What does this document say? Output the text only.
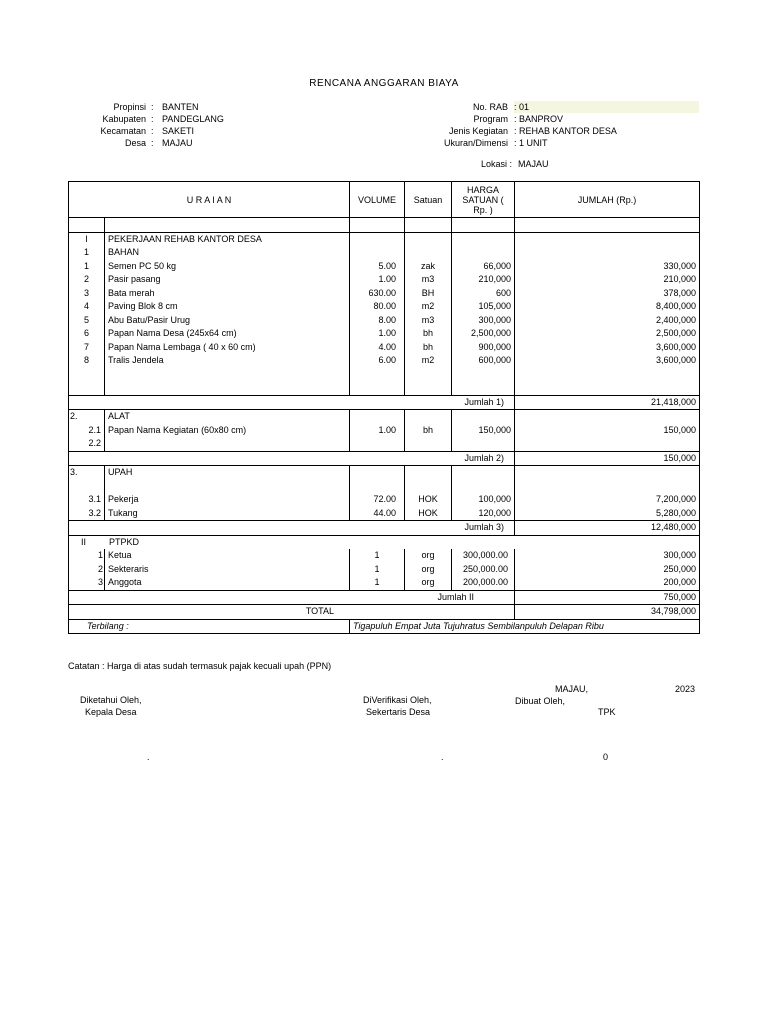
RENCANA ANGGARAN BIAYA
Propinsi : BANTEN
Kabupaten : PANDEGLANG
Kecamatan : SAKETI
Desa : MAJAU
No. RAB : 01
Program : BANPROV
Jenis Kegiatan : REHAB KANTOR DESA
Ukuran/Dimensi : 1 UNIT
Lokasi : MAJAU
U R A I A N		VOLUME	Satuan	HARGA SATUAN ( Rp. )	JUMLAH (Rp.)

I	PEKERJAAN REHAB KANTOR DESA				
1	BAHAN				
1	Semen PC 50 kg	5.00	zak	66,000	330,000
2	Pasir pasang	1.00	m3	210,000	210,000
3	Bata merah	630.00	BH	600	378,000
4	Paving Blok 8 cm	80.00	m2	105,000	8,400,000
5	Abu Batu/Pasir Urug	8.00	m3	300,000	2,400,000
6	Papan Nama Desa (245x64 cm)	1.00	bh	2,500,000	2,500,000
7	Papan Nama Lembaga ( 40 x 60 cm)	4.00	bh	900,000	3,600,000
8	Tralis Jendela	6.00	m2	600,000	3,600,000

Jumlah 1)					21,418,000
2.	ALAT				
2.1	Papan Nama Kegiatan (60x80 cm)	1.00	bh	150,000	150,000
2.2					
Jumlah 2)					150,000
3.	UPAH				

3.1	Pekerja	72.00	HOK	100,000	7,200,000
3.2	Tukang	44.00	HOK	120,000	5,280,000
Jumlah 3)					12,480,000
II PTPKD					
1	Ketua	1	org	300,000.00	300,000
2	Sekteraris	1	org	250,000.00	250,000
3	Anggota	1	org	200,000.00	200,000
Jumlah II					750,000
TOTAL					34,798,000
Terbilang :		Tigapuluh Empat Juta Tujuhratus Sembilanpuluh Delapan Ribu			
Catatan : Harga di atas sudah termasuk pajak kecuali upah (PPN)
MAJAU,	2023
Diketahui Oleh,
Kepala Desa
.
DiVerifikasi Oleh,
Sekertaris Desa
.
Dibuat Oleh,
TPK
0
